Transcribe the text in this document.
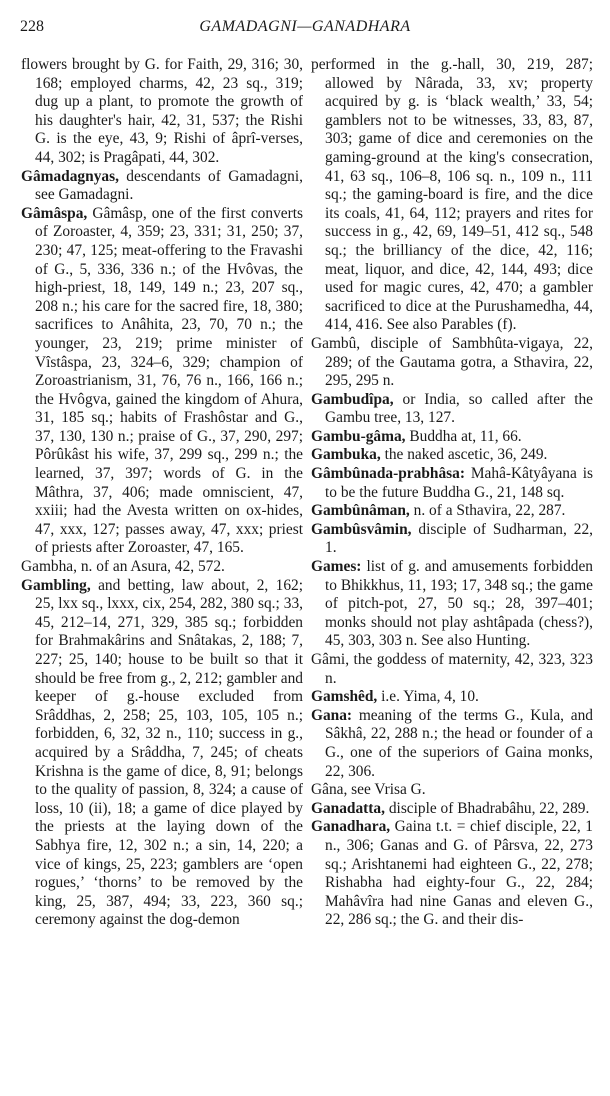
228	GAMADAGNI—GANADHARA

flowers brought by G. for Faith, 29, 316; 30, 168; employed charms, 42, 23 sq., 319; dug up a plant, to promote the growth of his daughter's hair, 42, 31, 537; the Rishi G. is the eye, 43, 9; Rishi of âprî-verses, 44, 302; is Pragâpati, 44, 302.

Gâmadagnyas, descendants of Gamadagni, see Gamadagni.

Gâmâspa, Gâmâsp, one of the first converts of Zoroaster, 4, 359; 23, 331; 31, 250; 37, 230; 47, 125; meat-offering to the Fravashi of G., 5, 336, 336 n.; of the Hvôvas, the high-priest, 18, 149, 149 n.; 23, 207 sq., 208 n.; his care for the sacred fire, 18, 380; sacrifices to Anâhita, 23, 70, 70 n.; the younger, 23, 219; prime minister of Vîstâspa, 23, 324–6, 329; champion of Zoroastrianism, 31, 76, 76 n., 166, 166 n.; the Hvôgva, gained the kingdom of Ahura, 31, 185 sq.; habits of Frashôstar and G., 37, 130, 130 n.; praise of G., 37, 290, 297; Pôrûkâst his wife, 37, 299 sq., 299 n.; the learned, 37, 397; words of G. in the Mâthra, 37, 406; made omniscient, 47, xxiii; had the Avesta written on ox-hides, 47, xxx, 127; passes away, 47, xxx; priest of priests after Zoroaster, 47, 165.

Gambha, n. of an Asura, 42, 572.

Gambling, and betting, law about, 2, 162; 25, lxx sq., lxxx, cix, 254, 282, 380 sq.; 33, 45, 212–14, 271, 329, 385 sq.; forbidden for Brahmakârins and Snâtakas, 2, 188; 7, 227; 25, 140; house to be built so that it should be free from g., 2, 212; gambler and keeper of g.-house excluded from Srâddhas, 2, 258; 25, 103, 105, 105 n.; forbidden, 6, 32, 32 n., 110; success in g., acquired by a Srâddha, 7, 245; of cheats Krishna is the game of dice, 8, 91; belongs to the quality of passion, 8, 324; a cause of loss, 10 (ii), 18; a game of dice played by the priests at the laying down of the Sabhya fire, 12, 302 n.; a sin, 14, 220; a vice of kings, 25, 223; gamblers are ‘open rogues,’ ‘thorns’ to be removed by the king, 25, 387, 494; 33, 223, 360 sq.; ceremony against the dog-demon

performed in the g.-hall, 30, 219, 287; allowed by Nârada, 33, xv; property acquired by g. is ‘black wealth,’ 33, 54; gamblers not to be witnesses, 33, 83, 87, 303; game of dice and ceremonies on the gaming-ground at the king's consecration, 41, 63 sq., 106–8, 106 sq. n., 109 n., 111 sq.; the gaming-board is fire, and the dice its coals, 41, 64, 112; prayers and rites for success in g., 42, 69, 149–51, 412 sq., 548 sq.; the brilliancy of the dice, 42, 116; meat, liquor, and dice, 42, 144, 493; dice used for magic cures, 42, 470; a gambler sacrificed to dice at the Purushamedha, 44, 414, 416. See also Parables (f).

Gambû, disciple of Sambhûta-vigaya, 22, 289; of the Gautama gotra, a Sthavira, 22, 295, 295 n.

Gambudîpa, or India, so called after the Gambu tree, 13, 127.

Gambu-gâma, Buddha at, 11, 66.

Gambuka, the naked ascetic, 36, 249.

Gâmbûnada-prabhâsa: Mahâ-Kâtyâyana is to be the future Buddha G., 21, 148 sq.

Gambûnâman, n. of a Sthavira, 22, 287.

Gambûsvâmin, disciple of Sudharman, 22, 1.

Games: list of g. and amusements forbidden to Bhikkhus, 11, 193; 17, 348 sq.; the game of pitch-pot, 27, 50 sq.; 28, 397–401; monks should not play ashtâpada (chess?), 45, 303, 303 n. See also Hunting.

Gâmi, the goddess of maternity, 42, 323, 323 n.

Gamshêd, i.e. Yima, 4, 10.

Gana: meaning of the terms G., Kula, and Sâkhâ, 22, 288 n.; the head or founder of a G., one of the superiors of Gaina monks, 22, 306.

Gâna, see Vrisa G.

Ganadatta, disciple of Bhadrabâhu, 22, 289.

Ganadhara, Gaina t.t. = chief disciple, 22, 1 n., 306; Ganas and G. of Pârsva, 22, 273 sq.; Arishtanemi had eighteen G., 22, 278; Rishabha had eighty-four G., 22, 284; Mahâvîra had nine Ganas and eleven G., 22, 286 sq.; the G. and their dis-
